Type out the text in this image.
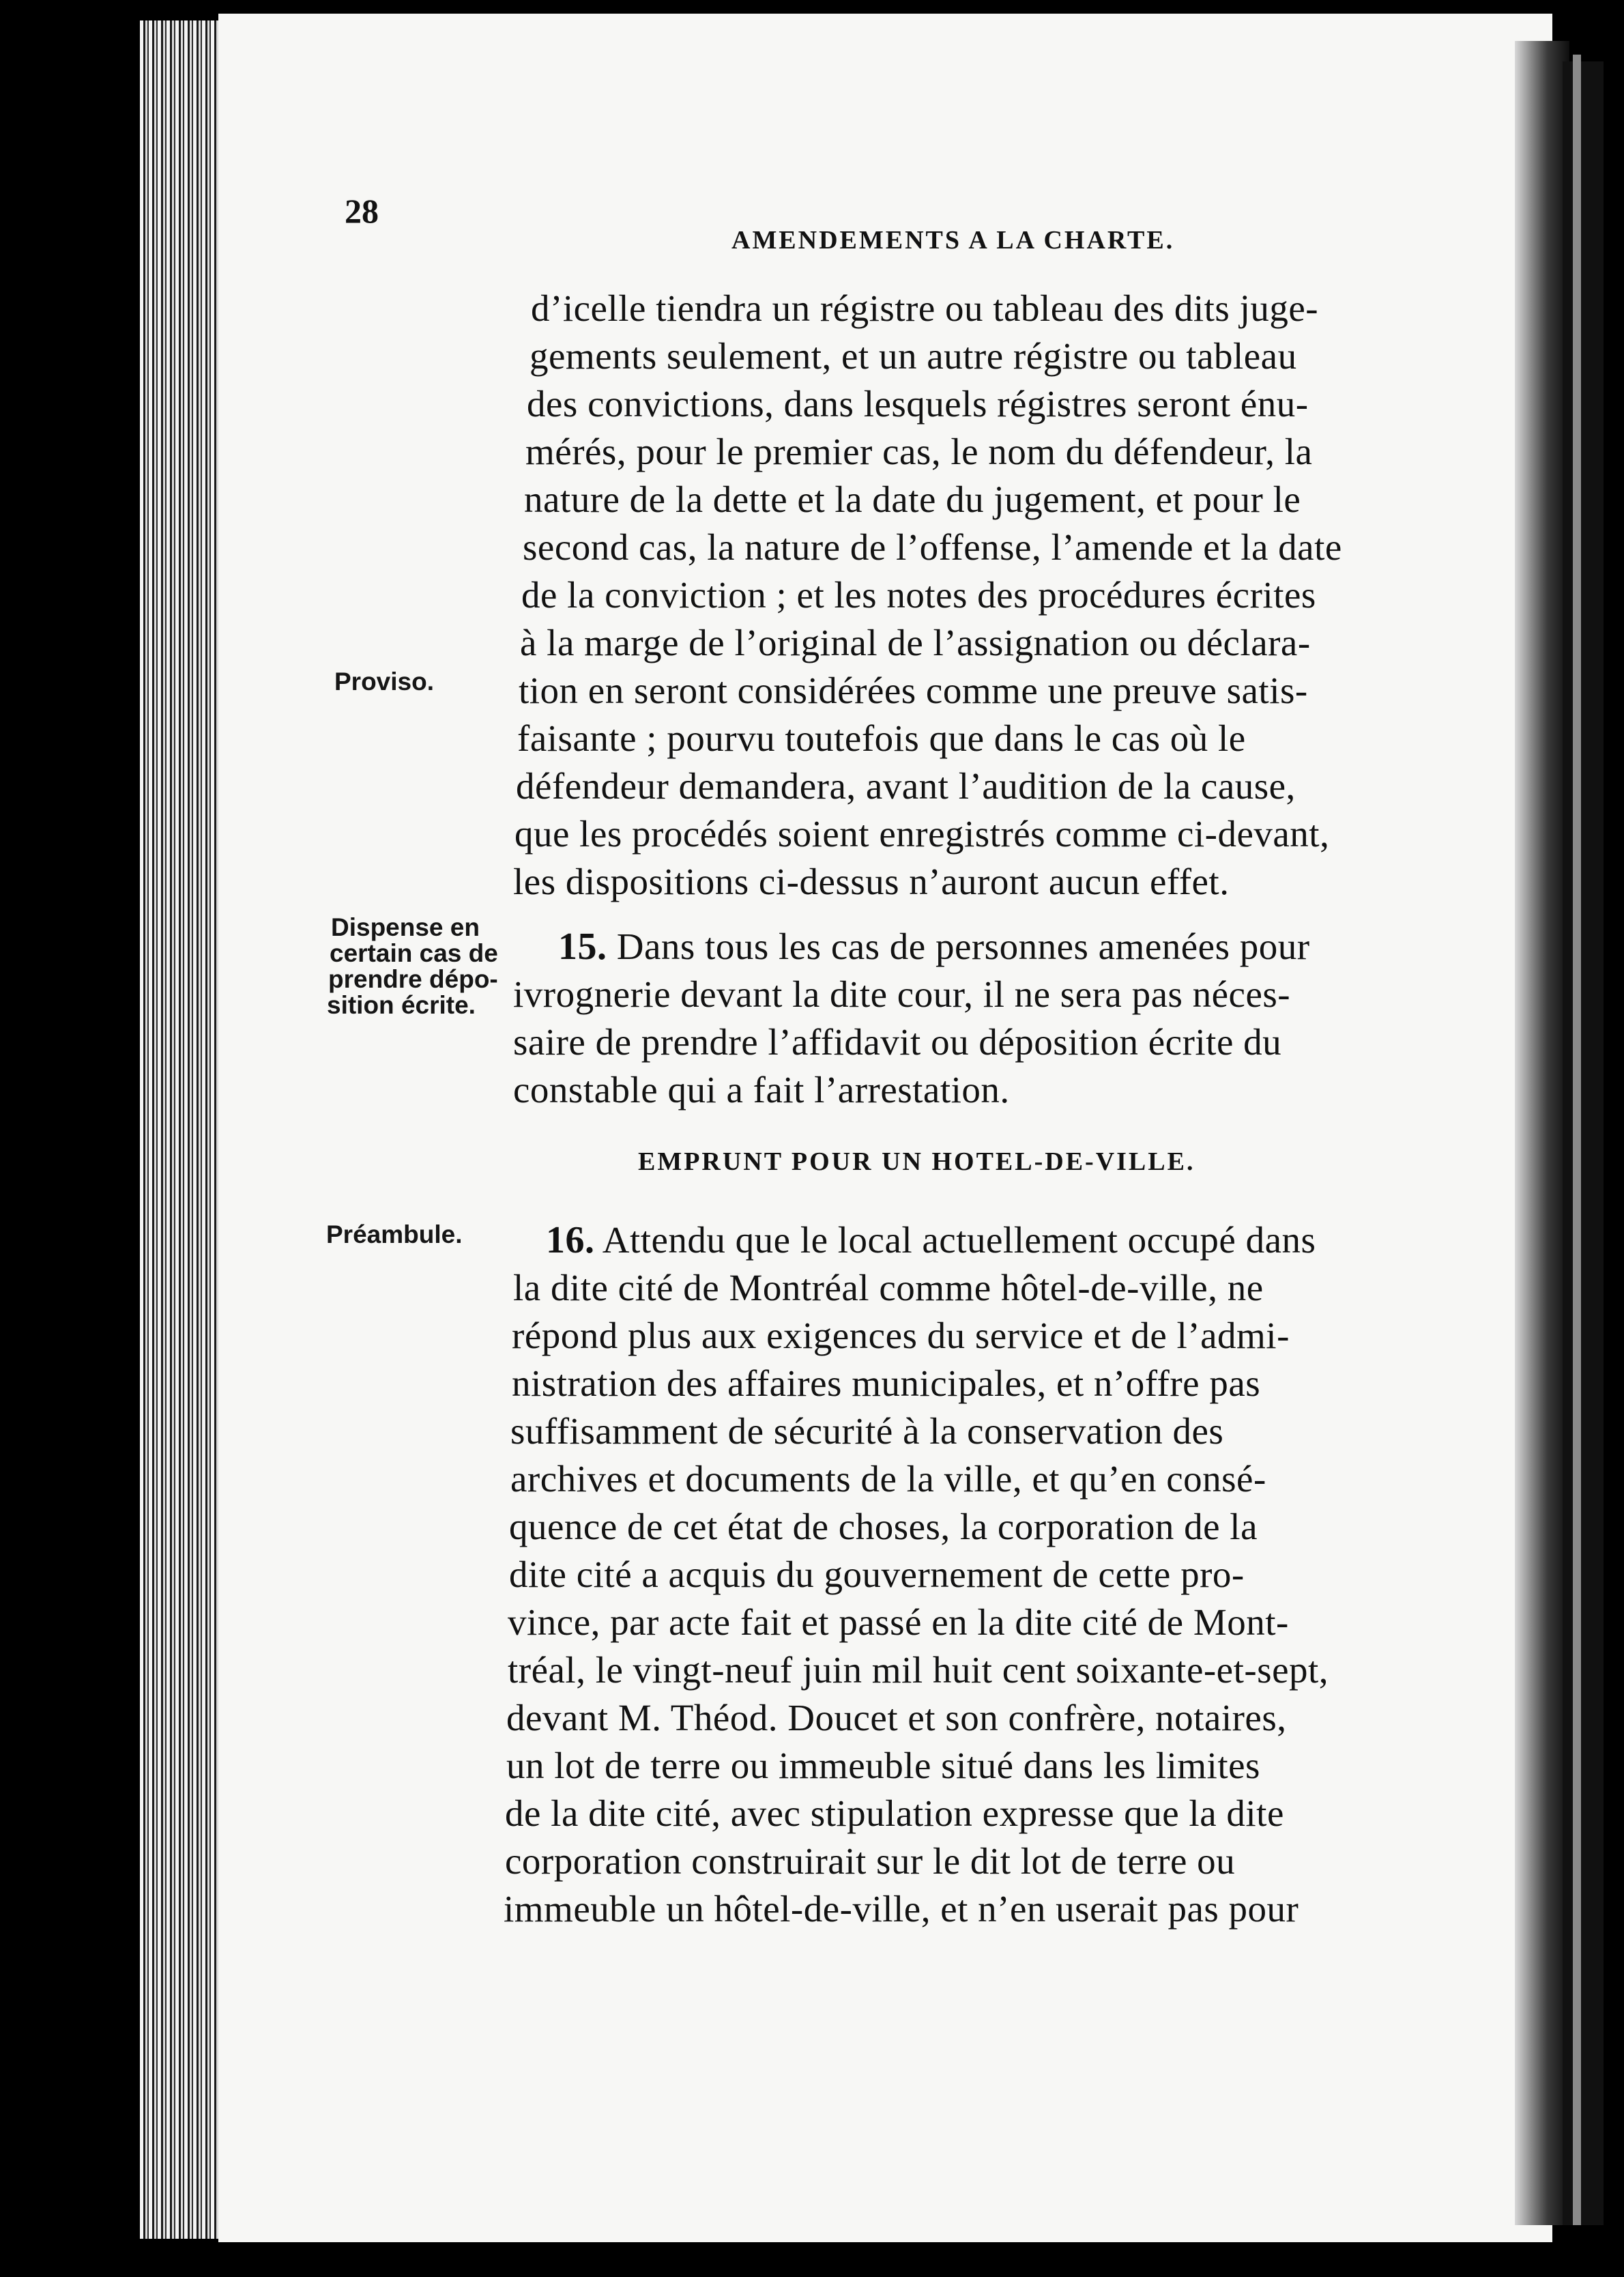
28
AMENDEMENTS A LA CHARTE.
d’icelle tiendra un régistre ou tableau des dits juge-
gements seulement, et un autre régistre ou tableau
des convictions, dans lesquels régistres seront énu-
mérés, pour le premier cas, le nom du défendeur, la
nature de la dette et la date du jugement, et pour le
second cas, la nature de l’offense, l’amende et la date
de la conviction ; et les notes des procédures écrites
à la marge de l’original de l’assignation ou déclara-
tion en seront considérées comme une preuve satis-
faisante ; pourvu toutefois que dans le cas où le
défendeur demandera, avant l’audition de la cause,
que les procédés soient enregistrés comme ci-devant,
les dispositions ci-dessus n’auront aucun effet.
Proviso.
Dispense en
certain cas de
prendre dépo-
sition écrite.
15. Dans tous les cas de personnes amenées pour
ivrognerie devant la dite cour, il ne sera pas néces-
saire de prendre l’affidavit ou déposition écrite du
constable qui a fait l’arrestation.
EMPRUNT POUR UN HOTEL-DE-VILLE.
Préambule. 16. Attendu que le local actuellement occupé dans
la dite cité de Montréal comme hôtel-de-ville, ne
répond plus aux exigences du service et de l’admi-
nistration des affaires municipales, et n’offre pas
suffisamment de sécurité à la conservation des
archives et documents de la ville, et qu’en consé-
quence de cet état de choses, la corporation de la
dite cité a acquis du gouvernement de cette pro-
vince, par acte fait et passé en la dite cité de Mont-
tréal, le vingt-neuf juin mil huit cent soixante-et-sept,
devant M. Théod. Doucet et son confrère, notaires,
un lot de terre ou immeuble situé dans les limites
de la dite cité, avec stipulation expresse que la dite
corporation construirait sur le dit lot de terre ou
immeuble un hôtel-de-ville, et n’en userait pas pour
